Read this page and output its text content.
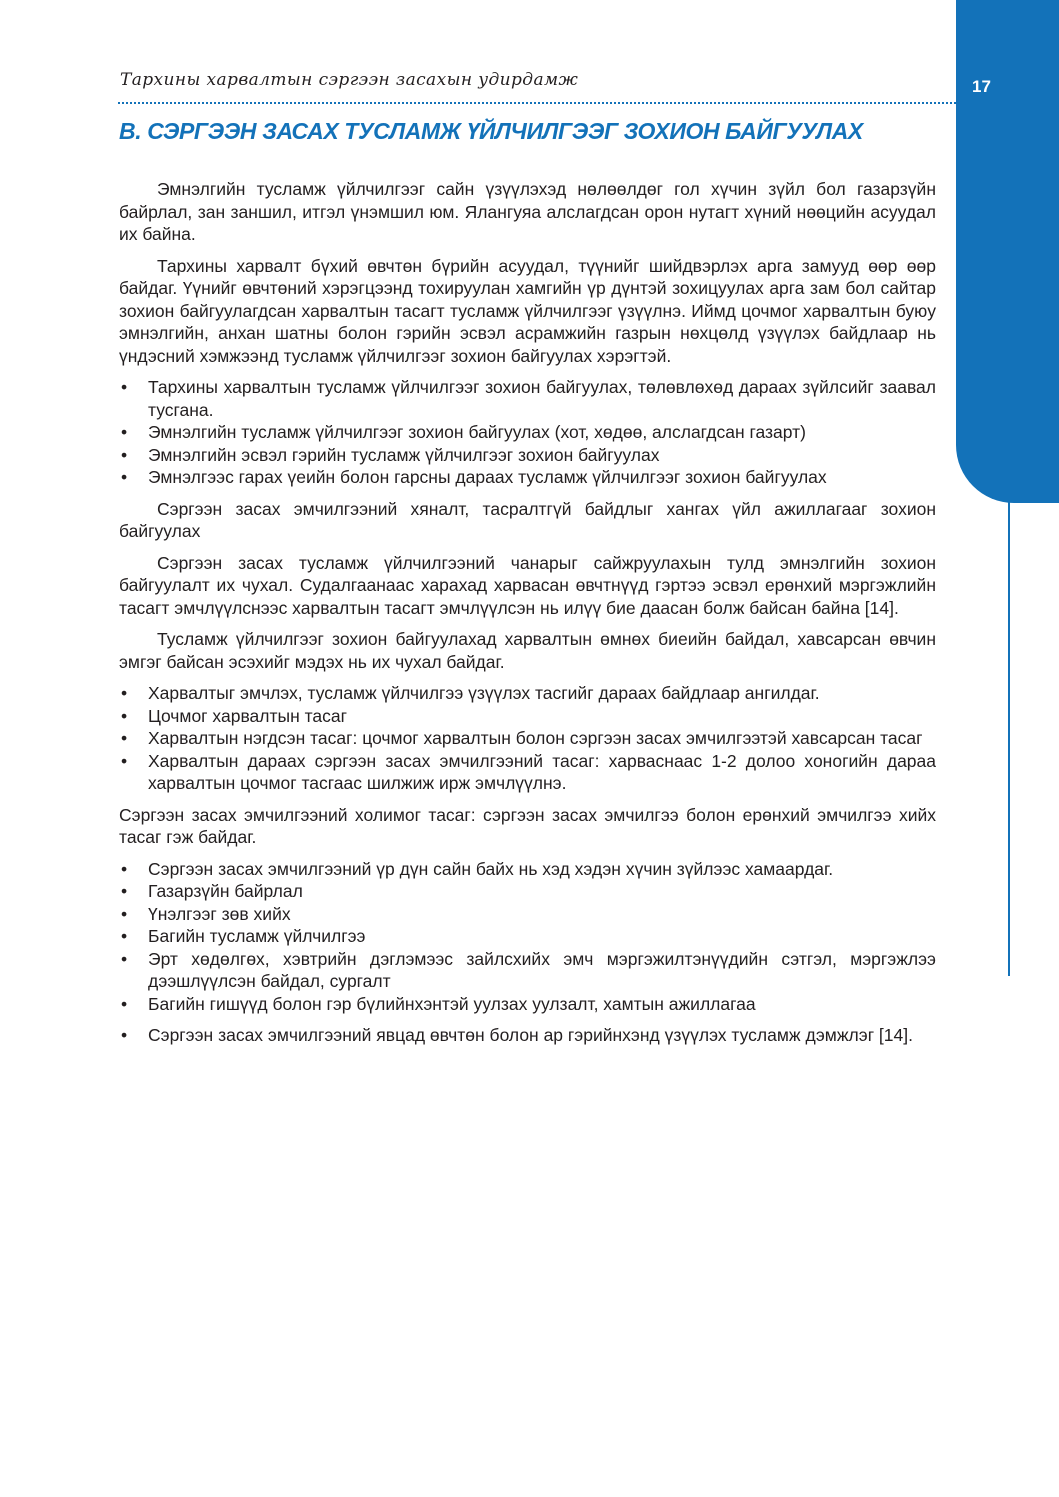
17
Тархины харвалтын сэргээн засахын удирдамж
B. СЭРГЭЭН ЗАСАХ ТУСЛАМЖ ҮЙЛЧИЛГЭЭГ ЗОХИОН БАЙГУУЛАХ

Эмнэлгийн тусламж үйлчилгээг сайн үзүүлэхэд нөлөөлдөг гол хүчин зүйл бол газарзүйн байрлал, зан заншил, итгэл үнэмшил юм. Ялангуяа алслагдсан орон нутагт хүний нөөцийн асуудал их байна.

Тархины харвалт бүхий өвчтөн бүрийн асуудал, түүнийг шийдвэрлэх арга замууд өөр өөр байдаг. Үүнийг өвчтөний хэрэгцээнд тохируулан хамгийн үр дүнтэй зохицуулах арга зам бол сайтар зохион байгуулагдсан харвалтын тасагт тусламж үйлчилгээг үзүүлнэ. Иймд цочмог харвалтын буюу эмнэлгийн, анхан шатны болон гэрийн эсвэл асрамжийн газрын нөхцөлд үзүүлэх байдлаар нь үндэсний хэмжээнд тусламж үйлчилгээг зохион байгуулах хэрэгтэй.

• Тархины харвалтын тусламж үйлчилгээг зохион байгуулах, төлөвлөхөд дараах зүйлсийг заавал тусгана.
• Эмнэлгийн тусламж үйлчилгээг зохион байгуулах (хот, хөдөө, алслагдсан газарт)
• Эмнэлгийн эсвэл гэрийн тусламж үйлчилгээг зохион байгуулах
• Эмнэлгээс гарах үеийн болон гарсны дараах тусламж үйлчилгээг зохион байгуулах

Сэргээн засах эмчилгээний хяналт, тасралтгүй байдлыг хангах үйл ажиллагааг зохион байгуулах

Сэргээн засах тусламж үйлчилгээний чанарыг сайжруулахын тулд эмнэлгийн зохион байгуулалт их чухал. Судалгаанаас харахад харвасан өвчтнүүд гэртээ эсвэл ерөнхий мэргэжлийн тасагт эмчлүүлснээс харвалтын тасагт эмчлүүлсэн нь илүү бие даасан болж байсан байна [14].

Тусламж үйлчилгээг зохион байгуулахад харвалтын өмнөх биеийн байдал, хавсарсан өвчин эмгэг байсан эсэхийг мэдэх нь их чухал байдаг.

• Харвалтыг эмчлэх, тусламж үйлчилгээ үзүүлэх тасгийг дараах байдлаар ангилдаг.
• Цочмог харвалтын тасаг
• Харвалтын нэгдсэн тасаг: цочмог харвалтын болон сэргээн засах эмчилгээтэй хавсарсан тасаг
• Харвалтын дараах сэргээн засах эмчилгээний тасаг: харваснаас 1-2 долоо хоногийн дараа харвалтын цочмог тасгаас шилжиж ирж эмчлүүлнэ.

Сэргээн засах эмчилгээний холимог тасаг: сэргээн засах эмчилгээ болон ерөнхий эмчилгээ хийх тасаг гэж байдаг.

• Сэргээн засах эмчилгээний үр дүн сайн байх нь хэд хэдэн хүчин зүйлээс хамаардаг.
• Газарзүйн байрлал
• Үнэлгээг зөв хийх
• Багийн тусламж үйлчилгээ
• Эрт хөдөлгөх, хэвтрийн дэглэмээс зайлсхийх эмч мэргэжилтэнүүдийн сэтгэл, мэргэжлээ дээшлүүлсэн байдал, сургалт
• Багийн гишүүд болон гэр бүлийнхэнтэй уулзах уулзалт, хамтын ажиллагаа
• Сэргээн засах эмчилгээний явцад өвчтөн болон ар гэрийнхэнд үзүүлэх тусламж дэмжлэг [14].
